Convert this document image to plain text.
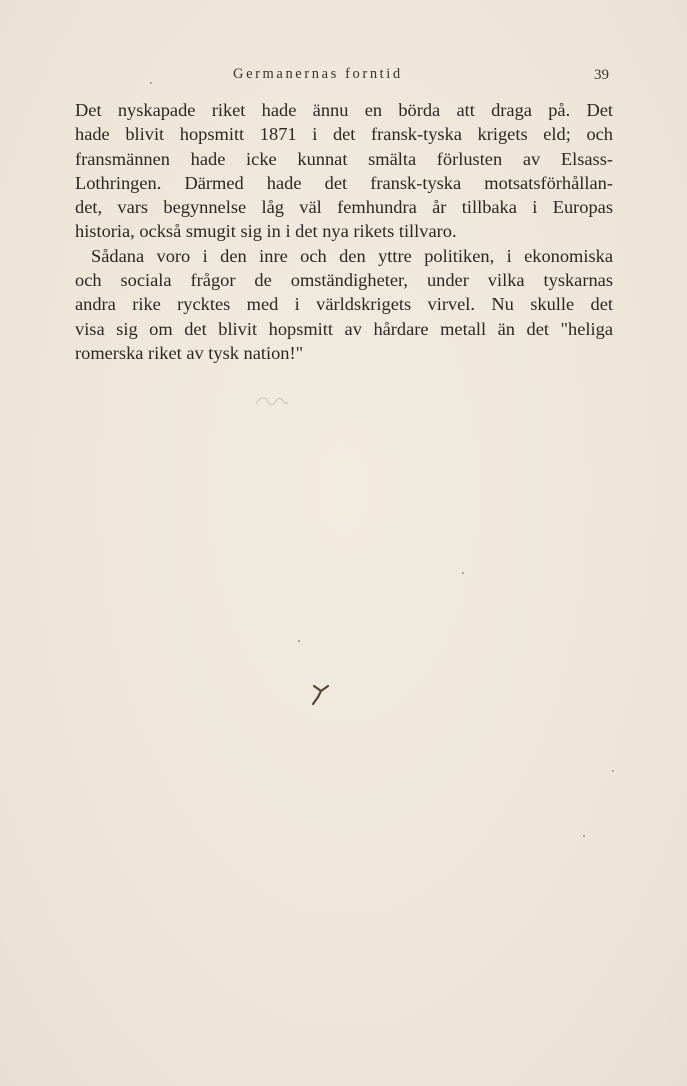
Germanernas forntid	39
Det nyskapade riket hade ännu en börda att draga på. Det
hade blivit hopsmitt 1871 i det fransk-tyska krigets eld; och
fransmännen hade icke kunnat smälta förlusten av Elsass-
Lothringen. Därmed hade det fransk-tyska motsatsförhållan-
det, vars begynnelse låg väl femhundra år tillbaka i Europas
historia, också smugit sig in i det nya rikets tillvaro.
Sådana voro i den inre och den yttre politiken, i ekonomiska
och sociala frågor de omständigheter, under vilka tyskarnas
andra rike rycktes med i världskrigets virvel. Nu skulle det
visa sig om det blivit hopsmitt av hårdare metall än det "heliga
romerska riket av tysk nation!"
